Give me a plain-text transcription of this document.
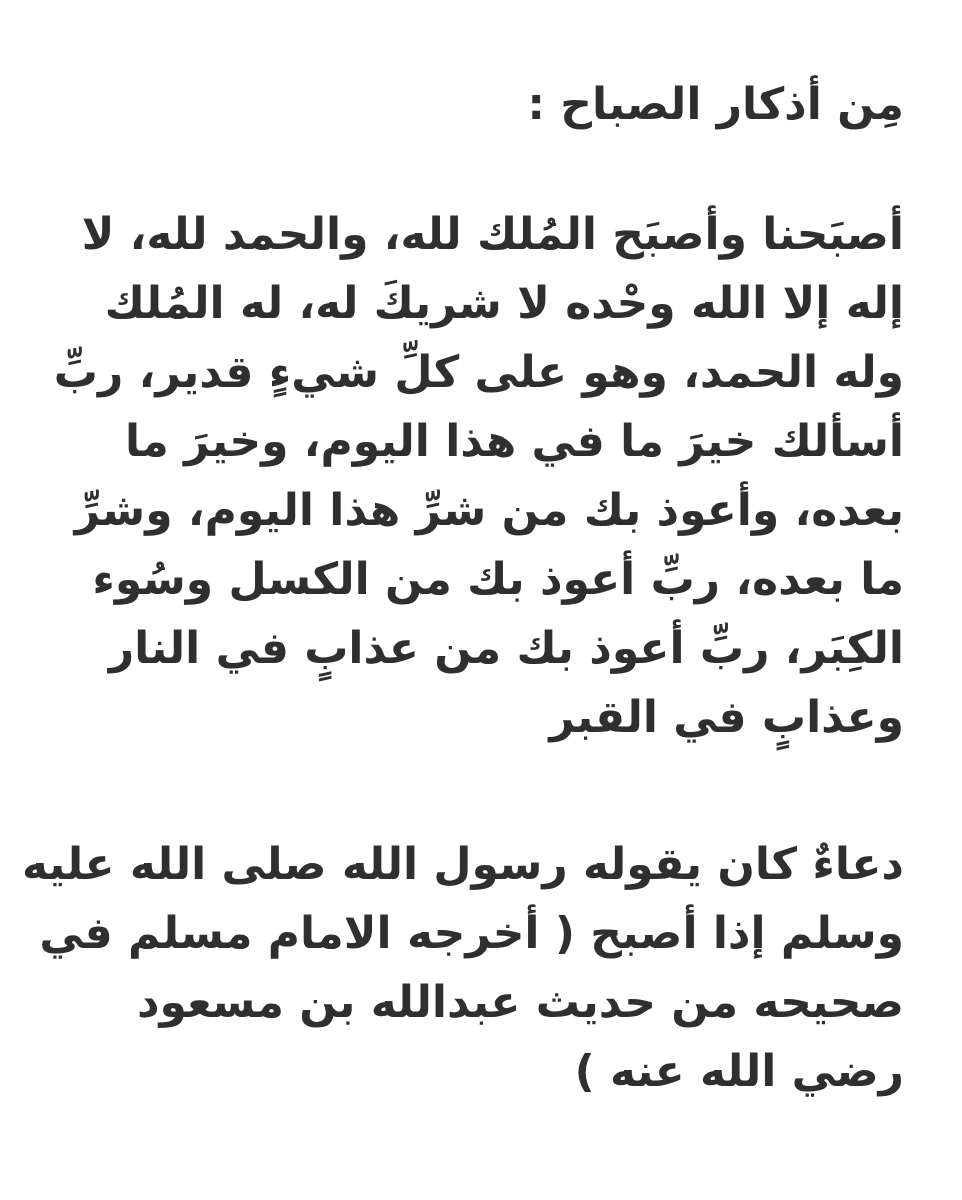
مِن أذكار الصباح :

أصبَحنا وأصبَح المُلك لله، والحمد لله، لا
إله إلا الله وحْده لا شريكَ له، له المُلك
وله الحمد، وهو على كلِّ شيءٍ قدير، ربِّ
أسألك خيرَ ما في هذا اليوم، وخيرَ ما
بعده، وأعوذ بك من شرِّ هذا اليوم، وشرِّ
ما بعده، ربِّ أعوذ بك من الكسل وسُوء
الكِبَر، ربِّ أعوذ بك من عذابٍ في النار
وعذابٍ في القبر

دعاءٌ كان يقوله رسول الله صلى الله عليه
وسلم إذا أصبح ( أخرجه الامام مسلم في
صحيحه من حديث عبدالله بن مسعود
رضي الله عنه )
